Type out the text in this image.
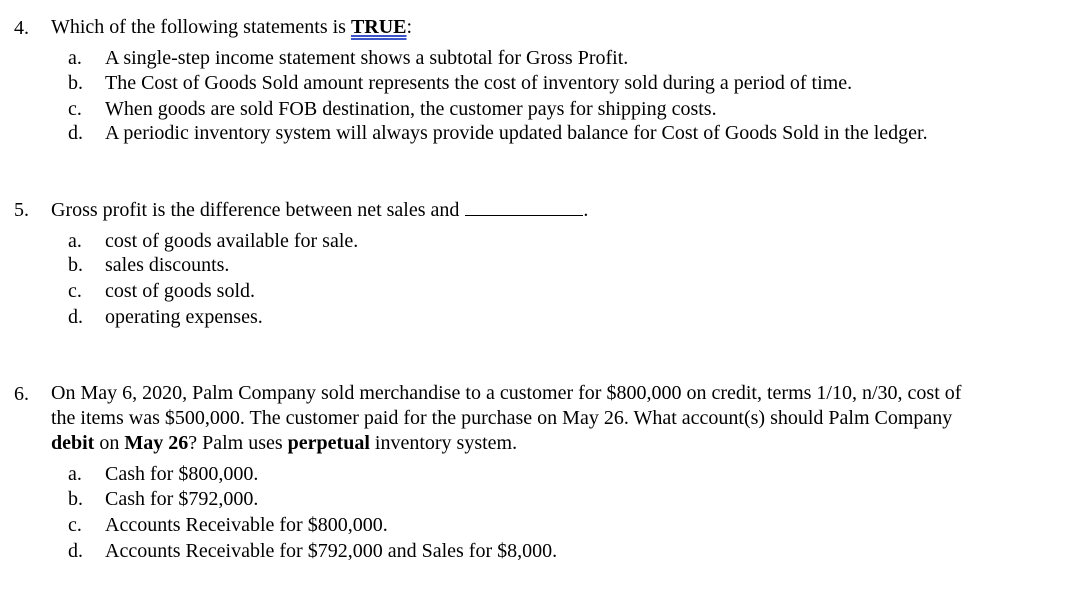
4. Which of the following statements is TRUE:
a.	A single-step income statement shows a subtotal for Gross Profit.
b.	The Cost of Goods Sold amount represents the cost of inventory sold during a period of time.
c.	When goods are sold FOB destination, the customer pays for shipping costs.
d.	A periodic inventory system will always provide updated balance for Cost of Goods Sold in the ledger.
5. Gross profit is the difference between net sales and	.
a.	cost of goods available for sale.
b.	sales discounts.
c.	cost of goods sold.
d.	operating expenses.
6. On May 6, 2020, Palm Company sold merchandise to a customer for $800,000 on credit, terms 1/10, n/30, cost of
the items was $500,000. The customer paid for the purchase on May 26. What account(s) should Palm Company
debit on May 26? Palm uses perpetual inventory system.
a.	Cash for $800,000.
b.	Cash for $792,000.
c.	Accounts Receivable for $800,000.
d.	Accounts Receivable for $792,000 and Sales for $8,000.
